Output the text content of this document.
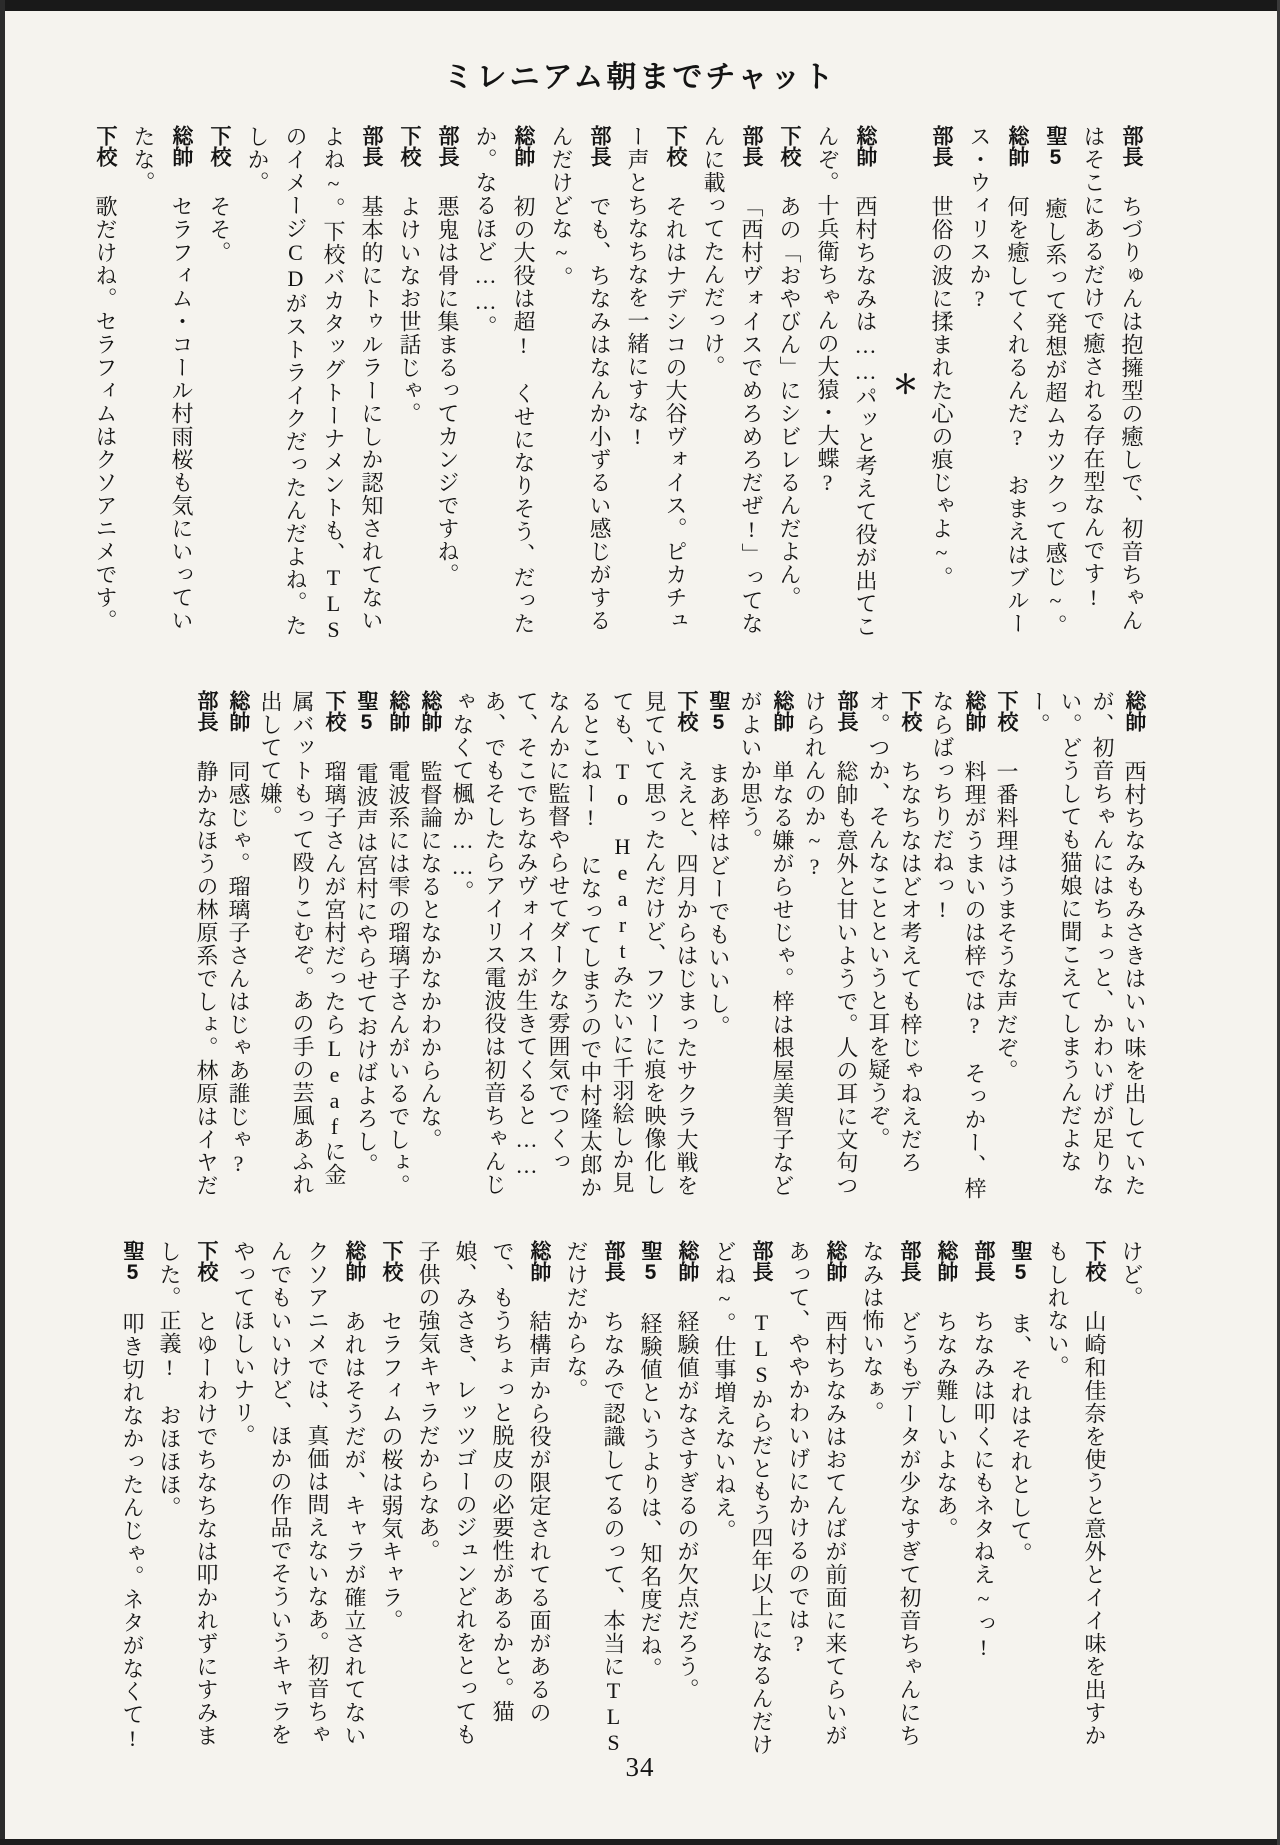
ミレニアム朝までチャット

部長ちづりゅんは抱擁型の癒しで、初音ちゃんはそこにあるだけで癒される存在型なんです!

聖5癒し系って発想が超ムカツクって感じ~。

総帥何を癒してくれるんだ?　おまえはブルース・ウィリスか?

部長世俗の波に揉まれた心の痕じゃよ~。

＊

総帥西村ちなみは……パッと考えて役が出てこんぞ。十兵衛ちゃんの大猿・大蝶?

下校あの「おやびん」にシビレるんだよん。

部長「西村ヴォイスでめろめろだぜ!」ってなんに載ってたんだっけ。

下校それはナデシコの大谷ヴォイス。ピカチュー声とちなちなを一緒にすな!

部長でも、ちなみはなんか小ずるい感じがするんだけどな~。

総帥初の大役は超!　くせになりそう、だったか。なるほど……。

部長悪鬼は骨に集まるってカンジですね。

下校よけいなお世話じゃ。

部長基本的にトゥルラーにしか認知されてないよね~。下校バカタッグトーナメントも、TLSのイメージCDがストライクだったんだよね。たしか。

下校そそ。

総帥セラフィム・コール村雨桜も気にいっていたな。

下校歌だけね。セラフィムはクソアニメです。

総帥西村ちなみもみさきはいい味を出していたが、初音ちゃんにはちょっと、かわいげが足りない。どうしても猫娘に聞こえてしまうんだよなー。

下校一番料理はうまそうな声だぞ。

総帥料理がうまいのは梓では?　そっかー、梓ならばっちりだねっ!

下校ちなちなはどオ考えても梓じゃねえだろオ。つか、そんなことというと耳を疑うぞ。

部長総帥も意外と甘いようで。人の耳に文句つけられんのか~?

総帥単なる嫌がらせじゃ。梓は根屋美智子などがよいか思う。

聖5まあ梓はどーでもいいし。

下校ええと、四月からはじまったサクラ大戦を見ていて思ったんだけど、フツーに痕を映像化しても、To　Heartみたいに千羽絵しか見るとこねー!　になってしまうので中村隆太郎かなんかに監督やらせてダークな雰囲気でつくって、そこでちなみヴォイスが生きてくると……あ、でもそしたらアイリス電波役は初音ちゃんじゃなくて楓か……。

総帥監督論になるとなかなかわからんな。

総帥電波系には雫の瑠璃子さんがいるでしょ。

聖5電波声は宮村にやらせておけばよろし。

下校瑠璃子さんが宮村だったらLeafに金属バットもって殴りこむぞ。あの手の芸風あふれ出してて嫌。

総帥同感じゃ。瑠璃子さんはじゃあ誰じゃ?

部長静かなほうの林原系でしょ。林原はイヤだ

けど。

下校山崎和佳奈を使うと意外とイイ味を出すかもしれない。

聖5ま、それはそれとして。

部長ちなみは叩くにもネタねえ~っ!

総帥ちなみ難しいよなあ。

部長どうもデータが少なすぎて初音ちゃんにちなみは怖いなぁ。

総帥西村ちなみはおてんばが前面に来てらいがあって、ややかわいげにかけるのでは?

部長TLSからだともう四年以上になるんだけどね~。仕事増えないねえ。

総帥経験値がなさすぎるのが欠点だろう。

聖5経験値というよりは、知名度だね。

部長ちなみで認識してるのって、本当にTLSだけだからな。

総帥結構声から役が限定されてる面があるので、もうちょっと脱皮の必要性があるかと。猫娘、みさき、レッツゴーのジュンどれをとっても子供の強気キャラだからなあ。

下校セラフィムの桜は弱気キャラ。

総帥あれはそうだが、キャラが確立されてないクソアニメでは、真価は問えないなあ。初音ちゃんでもいいけど、ほかの作品でそういうキャラをやってほしいナリ。

下校とゆーわけでちなちなは叩かれずにすみました。正義!　おほほほ。

聖5叩き切れなかったんじゃ。ネタがなくて!

34
